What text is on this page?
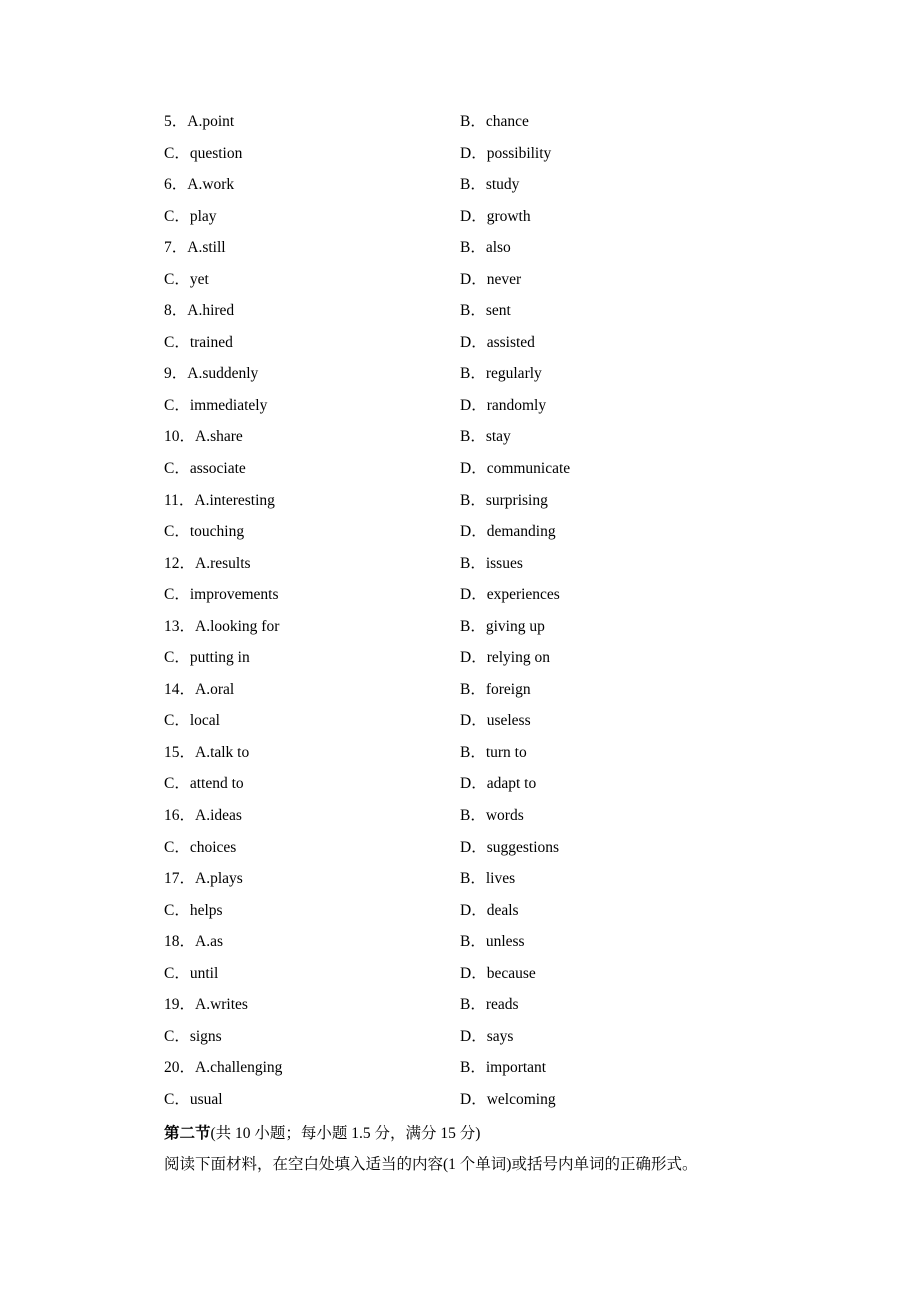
5．A.point	B．chance
C．question	D．possibility
6．A.work	B．study
C．play	D．growth
7．A.still	B．also
C．yet	D．never
8．A.hired	B．sent
C．trained	D．assisted
9．A.suddenly	B．regularly
C．immediately	D．randomly
10．A.share	B．stay
C．associate	D．communicate
11．A.interesting	B．surprising
C．touching	D．demanding
12．A.results	B．issues
C．improvements	D．experiences
13．A.looking for	B．giving up
C．putting in	D．relying on
14．A.oral	B．foreign
C．local	D．useless
15．A.talk to	B．turn to
C．attend to	D．adapt to
16．A.ideas	B．words
C．choices	D．suggestions
17．A.plays	B．lives
C．helps	D．deals
18．A.as	B．unless
C．until	D．because
19．A.writes	B．reads
C．signs	D．says
20．A.challenging	B．important
C．usual	D．welcoming
第二节(共 10 小题；每小题 1.5 分，满分 15 分)
阅读下面材料，在空白处填入适当的内容(1 个单词)或括号内单词的正确形式。
